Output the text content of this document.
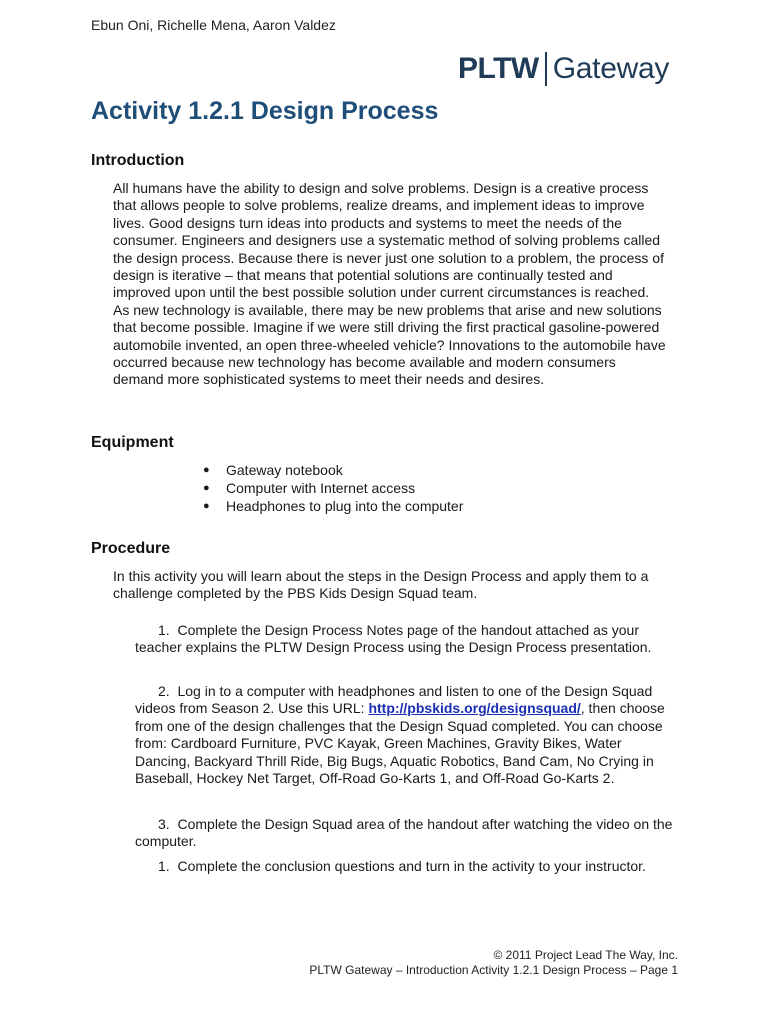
Ebun Oni, Richelle Mena, Aaron Valdez
PLTW Gateway
Activity 1.2.1 Design Process
Introduction

All humans have the ability to design and solve problems. Design is a creative process that allows people to solve problems, realize dreams, and implement ideas to improve lives. Good designs turn ideas into products and systems to meet the needs of the consumer. Engineers and designers use a systematic method of solving problems called the design process. Because there is never just one solution to a problem, the process of design is iterative – that means that potential solutions are continually tested and improved upon until the best possible solution under current circumstances is reached. As new technology is available, there may be new problems that arise and new solutions that become possible. Imagine if we were still driving the first practical gasoline-powered automobile invented, an open three-wheeled vehicle? Innovations to the automobile have occurred because new technology has become available and modern consumers demand more sophisticated systems to meet their needs and desires.

Equipment
● Gateway notebook
● Computer with Internet access
● Headphones to plug into the computer
Procedure

In this activity you will learn about the steps in the Design Process and apply them to a challenge completed by the PBS Kids Design Squad team.

1. Complete the Design Process Notes page of the handout attached as your teacher explains the PLTW Design Process using the Design Process presentation.

2. Log in to a computer with headphones and listen to one of the Design Squad videos from Season 2. Use this URL: http://pbskids.org/designsquad/, then choose from one of the design challenges that the Design Squad completed. You can choose from: Cardboard Furniture, PVC Kayak, Green Machines, Gravity Bikes, Water Dancing, Backyard Thrill Ride, Big Bugs, Aquatic Robotics, Band Cam, No Crying in Baseball, Hockey Net Target, Off-Road Go-Karts 1, and Off-Road Go-Karts 2.

3. Complete the Design Squad area of the handout after watching the video on the computer.

1. Complete the conclusion questions and turn in the activity to your instructor.

© 2011 Project Lead The Way, Inc.
PLTW Gateway – Introduction Activity 1.2.1 Design Process – Page 1
